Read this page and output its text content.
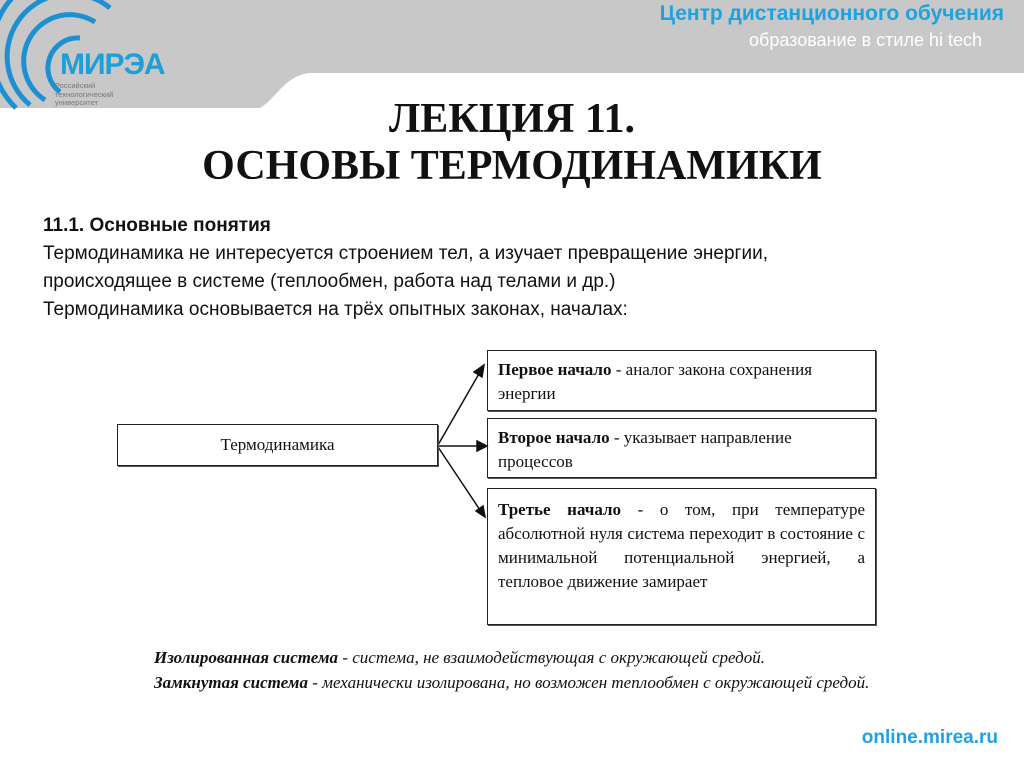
Центр дистанционного обучения
образование в стиле hi tech
МИРЭА
Российский
технологический
университет	ЛЕКЦИЯ 11.
ОСНОВЫ ТЕРМОДИНАМИКИ
11.1. Основные понятия
Термодинамика не интересуется строением тел, а изучает превращение энергии,
происходящее в системе (теплообмен, работа над телами и др.)
Термодинамика основывается на трёх опытных законах, началах:
Термодинамика
Первое начало - аналог закона сохранения энергии
Второе начало - указывает направление процессов
Третье начало - о том, при температуре абсолютной нуля система переходит в состояние с минимальной потенциальной энергией, а тепловое движение замирает

Изолированная система - система, не взаимодействующая с окружающей средой.

Замкнутая система - механически изолирована, но возможен теплообмен с окружающей средой.

online.mirea.ru
